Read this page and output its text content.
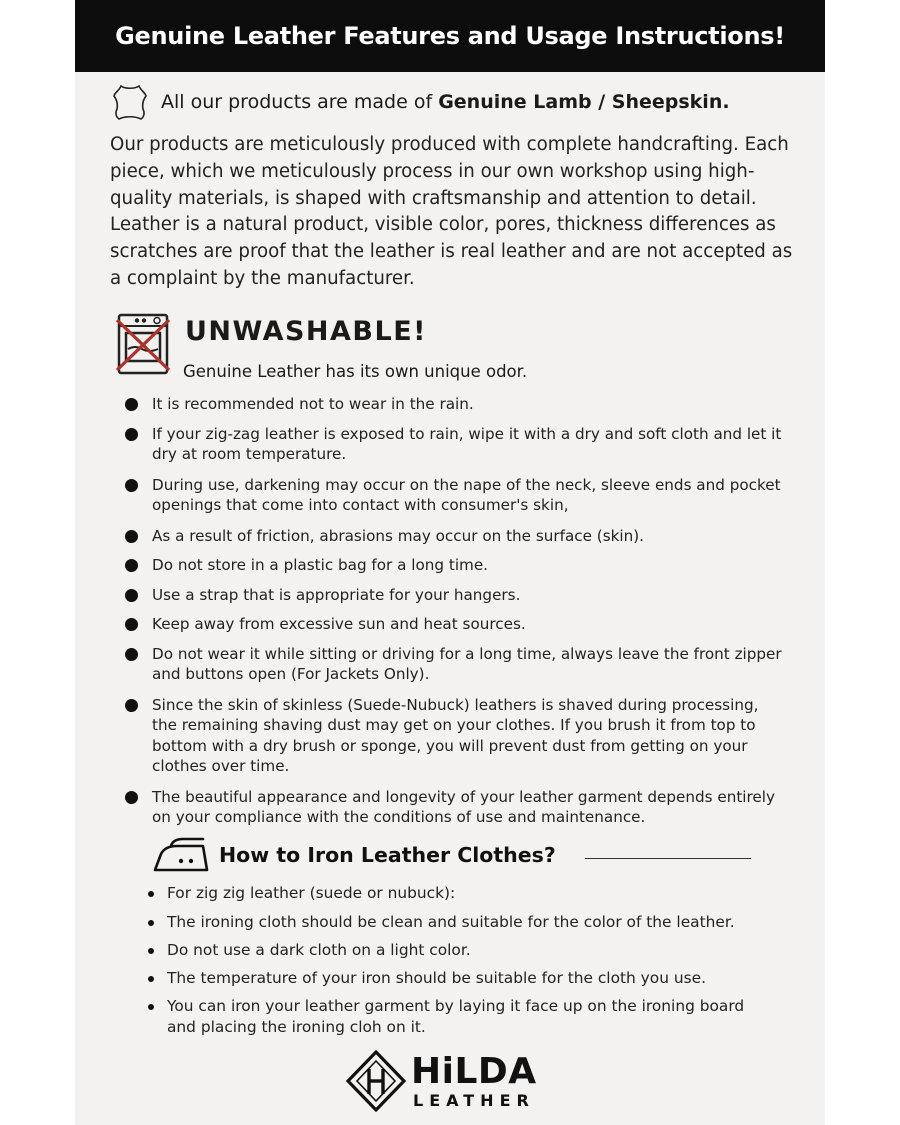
Genuine Leather Features and Usage Instructions!
All our products are made of Genuine Lamb / Sheepskin.
Our products are meticulously produced with complete handcrafting. Each piece, which we meticulously process in our own workshop using high-quality materials, is shaped with craftsmanship and attention to detail. Leather is a natural product, visible color, pores, thickness differences as scratches are proof that the leather is real leather and are not accepted as a complaint by the manufacturer.
UNWASHABLE!
Genuine Leather has its own unique odor.
It is recommended not to wear in the rain.
If your zig-zag leather is exposed to rain, wipe it with a dry and soft cloth and let it dry at room temperature.
During use, darkening may occur on the nape of the neck, sleeve ends and pocket openings that come into contact with consumer's skin,
As a result of friction, abrasions may occur on the surface (skin).
Do not store in a plastic bag for a long time.
Use a strap that is appropriate for your hangers.
Keep away from excessive sun and heat sources.
Do not wear it while sitting or driving for a long time, always leave the front zipper and buttons open (For Jackets Only).
Since the skin of skinless (Suede-Nubuck) leathers is shaved during processing, the remaining shaving dust may get on your clothes. If you brush it from top to bottom with a dry brush or sponge, you will prevent dust from getting on your clothes over time.
The beautiful appearance and longevity of your leather garment depends entirely on your compliance with the conditions of use and maintenance.
How to Iron Leather Clothes?
For zig zig leather (suede or nubuck):
The ironing cloth should be clean and suitable for the color of the leather.
Do not use a dark cloth on a light color.
The temperature of your iron should be suitable for the cloth you use.
You can iron your leather garment by laying it face up on the ironing board and placing the ironing cloh on it.
HiLDA
LEATHER
